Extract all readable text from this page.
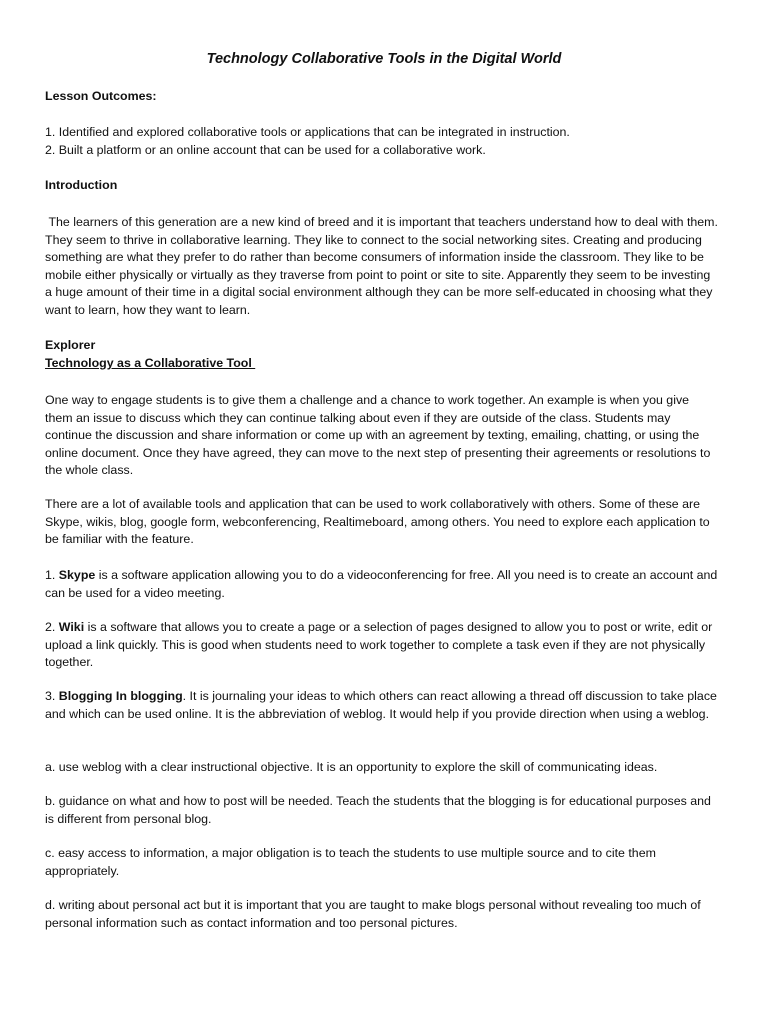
Technology Collaborative Tools in the Digital World
Lesson Outcomes:
1. Identified and explored collaborative tools or applications that can be integrated in instruction.
2. Built a platform or an online account that can be used for a collaborative work.
Introduction

The learners of this generation are a new kind of breed and it is important that teachers understand how to deal with them. They seem to thrive in collaborative learning. They like to connect to the social networking sites. Creating and producing something are what they prefer to do rather than become consumers of information inside the classroom. They like to be mobile either physically or virtually as they traverse from point to point or site to site. Apparently they seem to be investing a huge amount of their time in a digital social environment although they can be more self-educated in choosing what they want to learn, how they want to learn.

Explorer
Technology as a Collaborative Tool

One way to engage students is to give them a challenge and a chance to work together. An example is when you give them an issue to discuss which they can continue talking about even if they are outside of the class. Students may continue the discussion and share information or come up with an agreement by texting, emailing, chatting, or using the online document. Once they have agreed, they can move to the next step of presenting their agreements or resolutions to the whole class.

There are a lot of available tools and application that can be used to work collaboratively with others. Some of these are Skype, wikis, blog, google form, webconferencing, Realtimeboard, among others. You need to explore each application to be familiar with the feature.

1. Skype is a software application allowing you to do a videoconferencing for free. All you need is to create an account and can be used for a video meeting.

2. Wiki is a software that allows you to create a page or a selection of pages designed to allow you to post or write, edit or upload a link quickly. This is good when students need to work together to complete a task even if they are not physically together.

3. Blogging In blogging. It is journaling your ideas to which others can react allowing a thread off discussion to take place and which can be used online. It is the abbreviation of weblog. It would help if you provide direction when using a weblog.

a. use weblog with a clear instructional objective. It is an opportunity to explore the skill of communicating ideas.

b. guidance on what and how to post will be needed. Teach the students that the blogging is for educational purposes and is different from personal blog.

c. easy access to information, a major obligation is to teach the students to use multiple source and to cite them appropriately.

d. writing about personal act but it is important that you are taught to make blogs personal without revealing too much of personal information such as contact information and too personal pictures.
